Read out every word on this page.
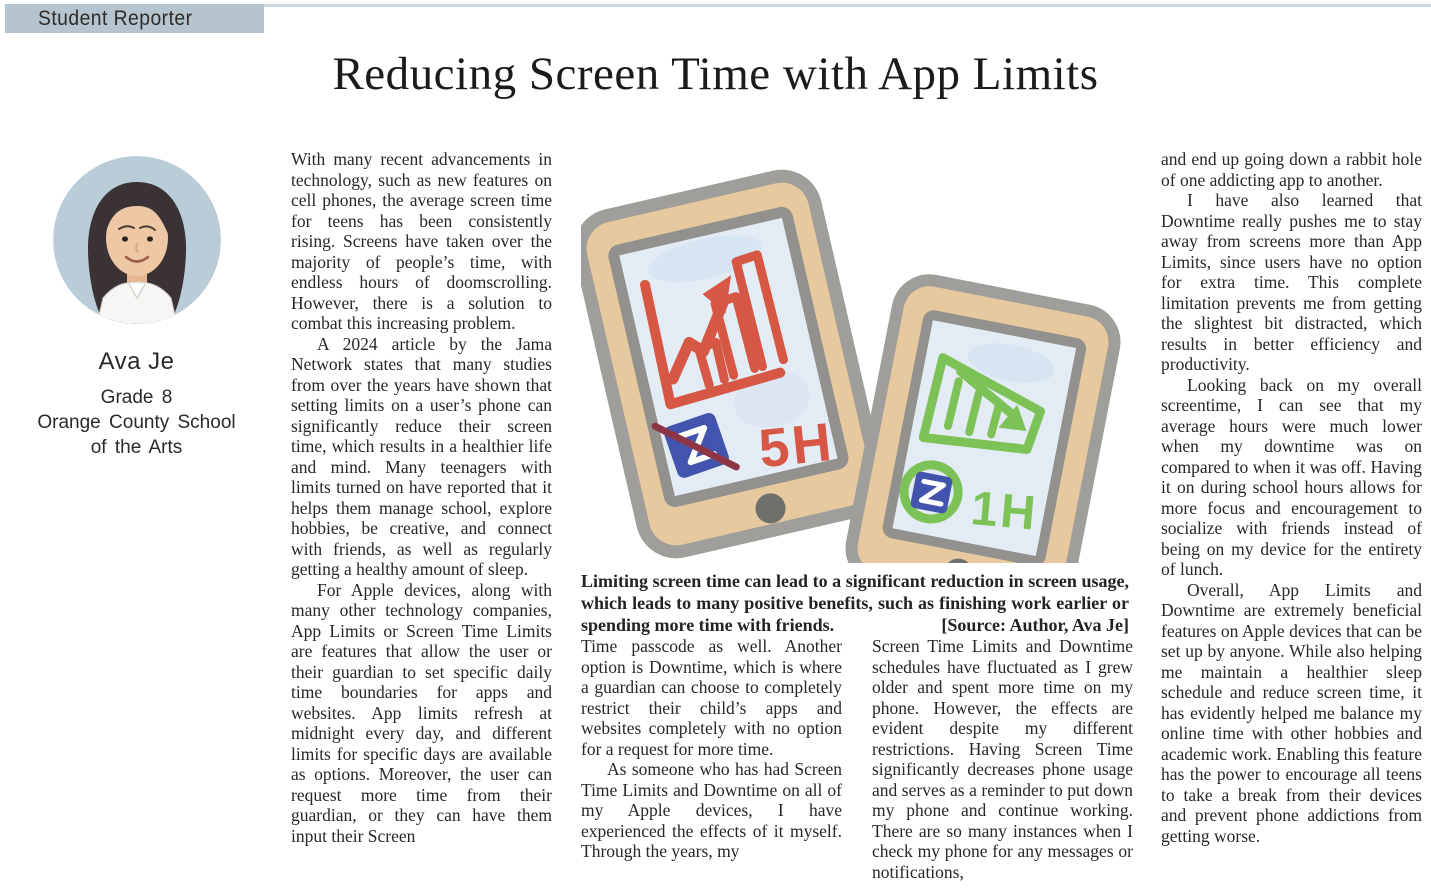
Student Reporter
Reducing Screen Time with App Limits
Ava Je
Grade 8
Orange County School
of the Arts	5H
1H
Limiting screen time can lead to a significant reduction in screen usage, which leads to many positive benefits, such as finishing work earlier or spending more time with friends.	[Source: Author, Ava Je]

With many recent advancements in technology, such as new features on cell phones, the average screen time for teens has been consistently rising. Screens have taken over the majority of people’s time, with endless hours of doomscrolling. However, there is a solution to combat this increasing problem.

A 2024 article by the Jama Network states that many studies from over the years have shown that setting limits on a user’s phone can significantly reduce their screen time, which results in a healthier life and mind. Many teenagers with limits turned on have reported that it helps them manage school, explore hobbies, be creative, and connect with friends, as well as regularly getting a healthy amount of sleep.

For Apple devices, along with many other technology companies, App Limits or Screen Time Limits are features that allow the user or their guardian to set specific daily time boundaries for apps and websites. App limits refresh at midnight every day, and different limits for specific days are available as options. Moreover, the user can request more time from their guardian, or they can have them input their Screen

Time passcode as well. Another option is Downtime, which is where a guardian can choose to completely restrict their child’s apps and websites completely with no option for a request for more time.

As someone who has had Screen Time Limits and Downtime on all of my Apple devices, I have experienced the effects of it myself. Through the years, my

Screen Time Limits and Downtime schedules have fluctuated as I grew older and spent more time on my phone. However, the effects are evident despite my different restrictions. Having Screen Time significantly decreases phone usage and serves as a reminder to put down my phone and continue working. There are so many instances when I check my phone for any messages or notifications,

and end up going down a rabbit hole of one addicting app to another.

I have also learned that Downtime really pushes me to stay away from screens more than App Limits, since users have no option for extra time. This complete limitation prevents me from getting the slightest bit distracted, which results in better efficiency and productivity.

Looking back on my overall screentime, I can see that my average hours were much lower when my downtime was on compared to when it was off. Having it on during school hours allows for more focus and encouragement to socialize with friends instead of being on my device for the entirety of lunch.

Overall, App Limits and Downtime are extremely beneficial features on Apple devices that can be set up by anyone. While also helping me maintain a healthier sleep schedule and reduce screen time, it has evidently helped me balance my online time with other hobbies and academic work. Enabling this feature has the power to encourage all teens to take a break from their devices and prevent phone addictions from getting worse.
